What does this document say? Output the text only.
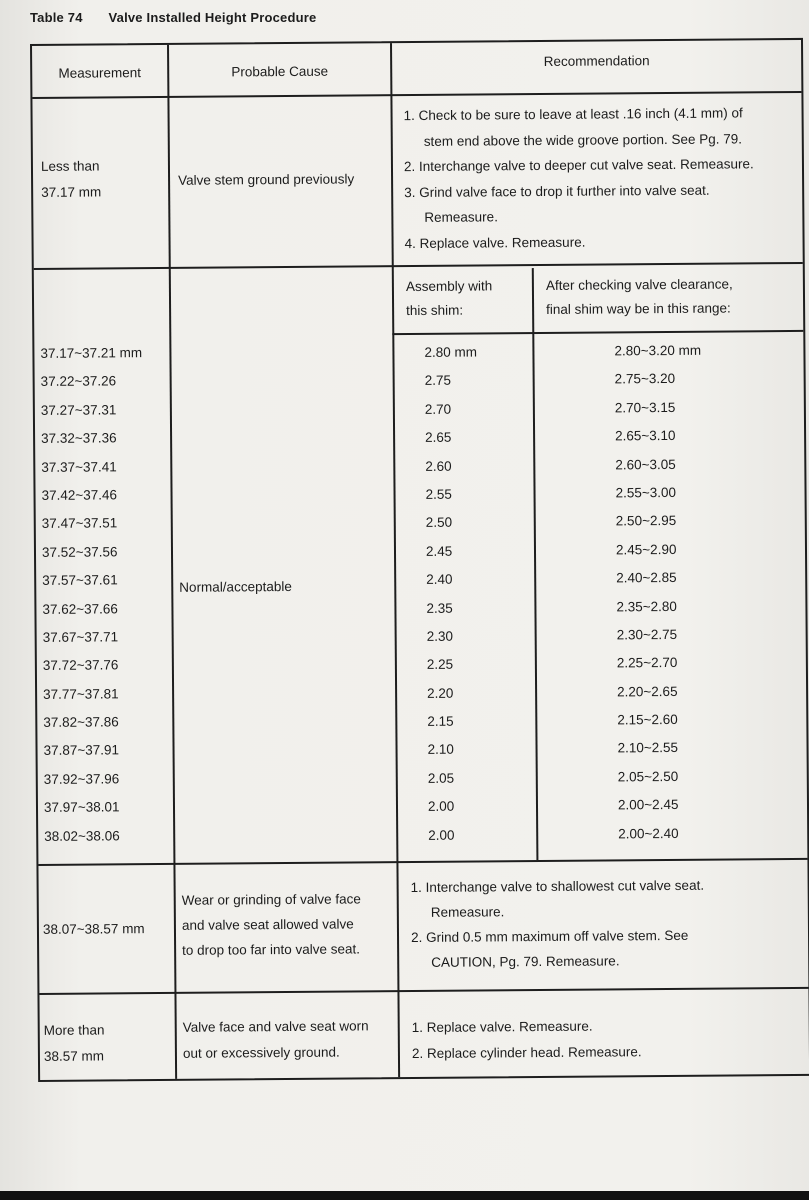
Table 74 Valve Installed Height Procedure
Measurement	Probable Cause
Recommendation
Less than
37.17 mm
Valve stem ground previously
1. Check to be sure to leave at least .16 inch (4.1 mm) of
stem end above the wide groove portion. See Pg. 79.
2. Interchange valve to deeper cut valve seat. Remeasure.
3. Grind valve face to drop it further into valve seat.
Remeasure.
4. Replace valve. Remeasure.
Assembly with
this shim:
After checking valve clearance,
final shim way be in this range:
37.17~37.21 mm
37.22~37.26
37.27~37.31
37.32~37.36
37.37~37.41
37.42~37.46
37.47~37.51
37.52~37.56
37.57~37.61
37.62~37.66
37.67~37.71
37.72~37.76
37.77~37.81
37.82~37.86
37.87~37.91
37.92~37.96
37.97~38.01
38.02~38.06
Normal/acceptable
2.80 mm
2.75
2.70
2.65
2.60
2.55
2.50
2.45
2.40
2.35
2.30
2.25
2.20
2.15
2.10
2.05
2.00
2.00
2.80~3.20 mm
2.75~3.20
2.70~3.15
2.65~3.10
2.60~3.05
2.55~3.00
2.50~2.95
2.45~2.90
2.40~2.85
2.35~2.80
2.30~2.75
2.25~2.70
2.20~2.65
2.15~2.60
2.10~2.55
2.05~2.50
2.00~2.45
2.00~2.40
38.07~38.57 mm
Wear or grinding of valve face
and valve seat allowed valve
to drop too far into valve seat.
1. Interchange valve to shallowest cut valve seat.
Remeasure.
2. Grind 0.5 mm maximum off valve stem. See
CAUTION, Pg. 79. Remeasure.
More than
38.57 mm
Valve face and valve seat worn
out or excessively ground.
1. Replace valve. Remeasure.
2. Replace cylinder head. Remeasure.
